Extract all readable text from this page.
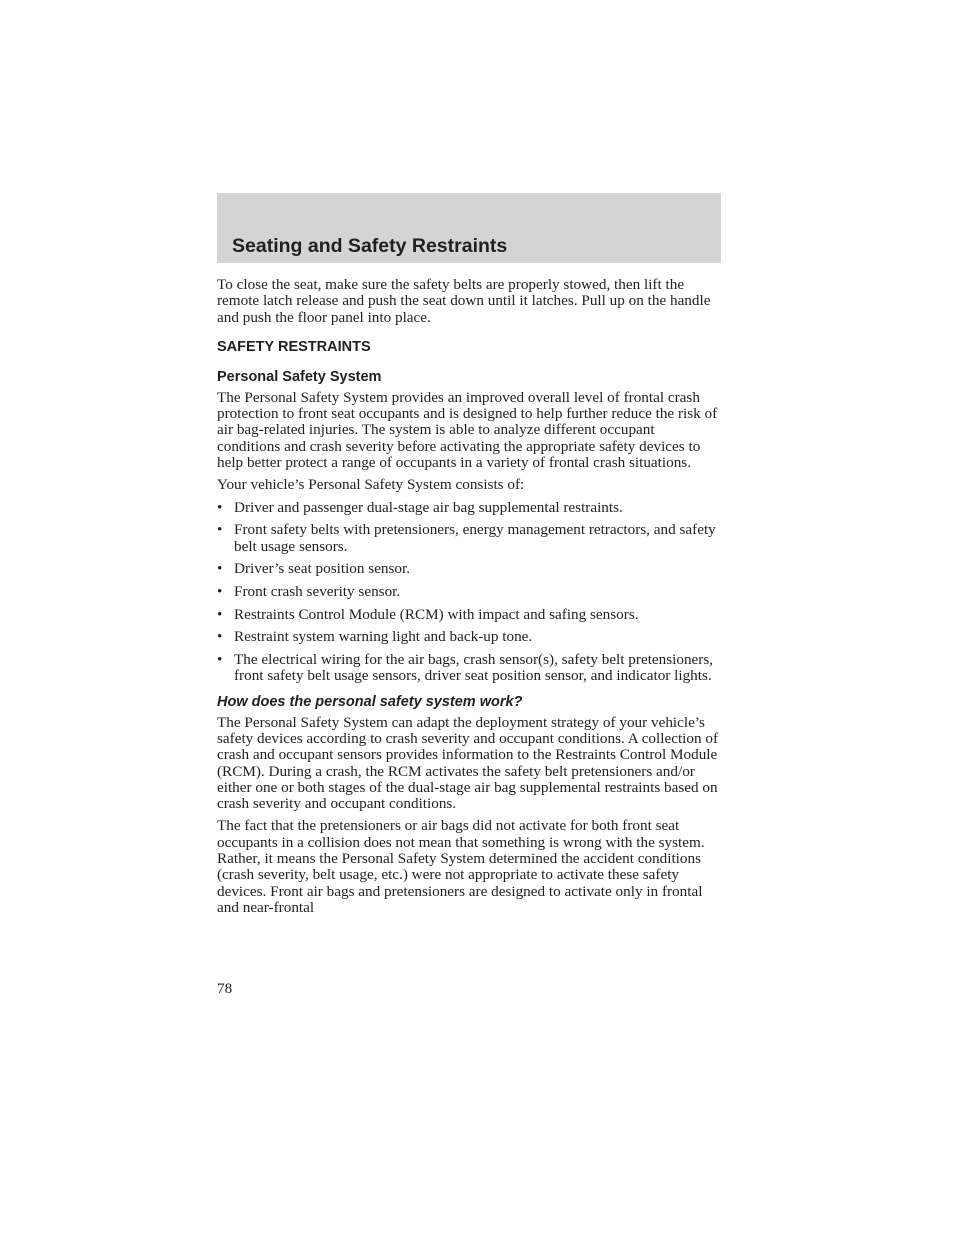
Seating and Safety Restraints

To close the seat, make sure the safety belts are properly stowed, then lift the remote latch release and push the seat down until it latches. Pull up on the handle and push the floor panel into place.

SAFETY RESTRAINTS
Personal Safety System

The Personal Safety System provides an improved overall level of frontal crash protection to front seat occupants and is designed to help further reduce the risk of air bag-related injuries. The system is able to analyze different occupant conditions and crash severity before activating the appropriate safety devices to help better protect a range of occupants in a variety of frontal crash situations.

Your vehicle’s Personal Safety System consists of:

• Driver and passenger dual-stage air bag supplemental restraints.
• Front safety belts with pretensioners, energy management retractors, and safety belt usage sensors.
• Driver’s seat position sensor.
• Front crash severity sensor.
• Restraints Control Module (RCM) with impact and safing sensors.
• Restraint system warning light and back-up tone.
• The electrical wiring for the air bags, crash sensor(s), safety belt pretensioners, front safety belt usage sensors, driver seat position sensor, and indicator lights.
How does the personal safety system work?

The Personal Safety System can adapt the deployment strategy of your vehicle’s safety devices according to crash severity and occupant conditions. A collection of crash and occupant sensors provides information to the Restraints Control Module (RCM). During a crash, the RCM activates the safety belt pretensioners and/or either one or both stages of the dual-stage air bag supplemental restraints based on crash severity and occupant conditions.

The fact that the pretensioners or air bags did not activate for both front seat occupants in a collision does not mean that something is wrong with the system. Rather, it means the Personal Safety System determined the accident conditions (crash severity, belt usage, etc.) were not appropriate to activate these safety devices. Front air bags and pretensioners are designed to activate only in frontal and near-frontal

78
